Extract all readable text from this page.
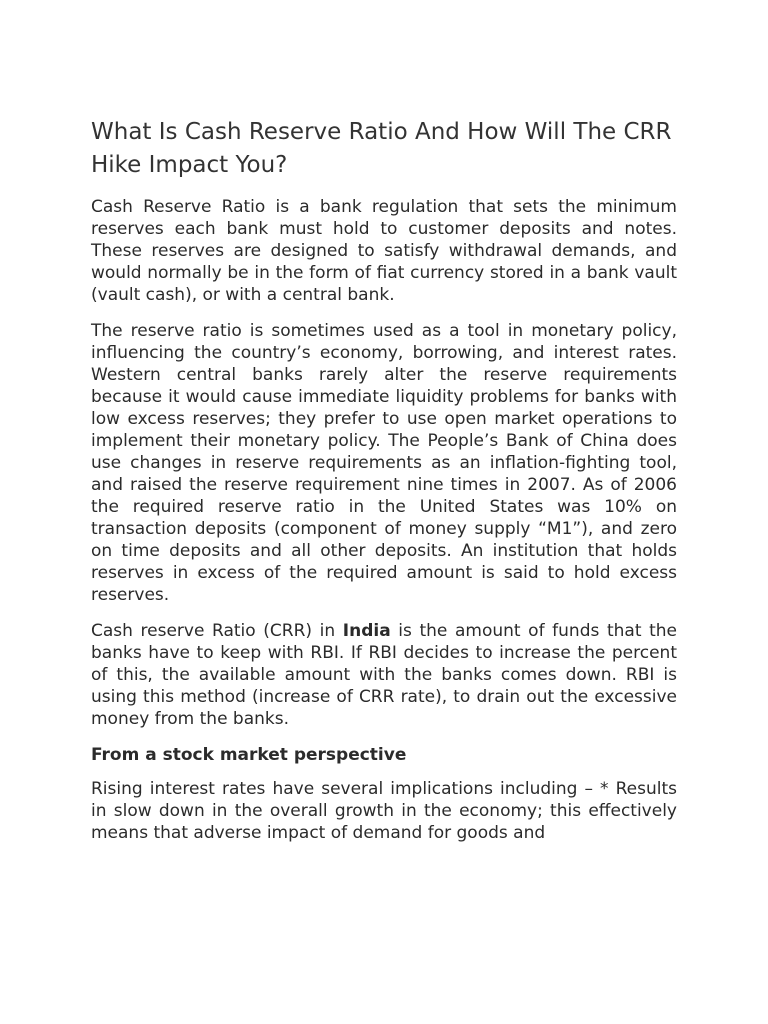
What Is Cash Reserve Ratio And How Will The CRR Hike Impact You?

Cash Reserve Ratio is a bank regulation that sets the minimum reserves each bank must hold to customer deposits and notes. These reserves are designed to satisfy withdrawal demands, and would normally be in the form of fiat currency stored in a bank vault (vault cash), or with a central bank.

The reserve ratio is sometimes used as a tool in monetary policy, influencing the country’s economy, borrowing, and interest rates. Western central banks rarely alter the reserve requirements because it would cause immediate liquidity problems for banks with low excess reserves; they prefer to use open market operations to implement their monetary policy. The People’s Bank of China does use changes in reserve requirements as an inflation-fighting tool, and raised the reserve requirement nine times in 2007. As of 2006 the required reserve ratio in the United States was 10% on transaction deposits (component of money supply “M1”), and zero on time deposits and all other deposits. An institution that holds reserves in excess of the required amount is said to hold excess reserves.

Cash reserve Ratio (CRR) in India is the amount of funds that the banks have to keep with RBI. If RBI decides to increase the percent of this, the available amount with the banks comes down. RBI is using this method (increase of CRR rate), to drain out the excessive money from the banks.

From a stock market perspective

Rising interest rates have several implications including – * Results in slow down in the overall growth in the economy; this effectively means that adverse impact of demand for goods and
